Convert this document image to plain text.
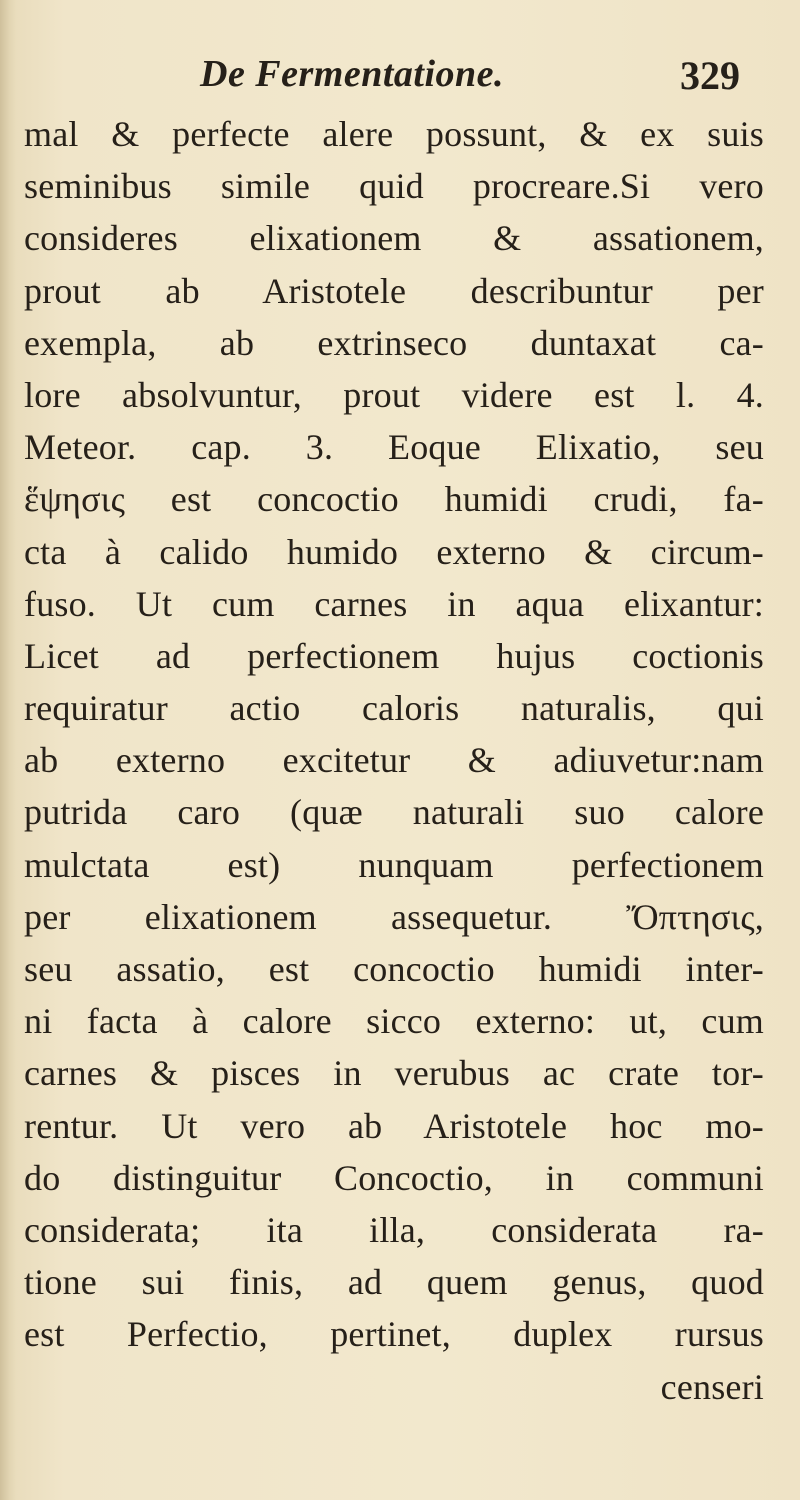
De Fermentatione.	329
mal & perfecte alere possunt, & ex suis
seminibus simile quid procreare.Si vero
consideres elixationem & assationem,
prout ab Aristotele describuntur per
exempla, ab extrinseco duntaxat ca-
lore absolvuntur, prout videre est l. 4.
Meteor. cap. 3. Eoque Elixatio, seu
ἕψησις est concoctio humidi crudi, fa-
cta à calido humido externo & circum-
fuso. Ut cum carnes in aqua elixantur:
Licet ad perfectionem hujus coctionis
requiratur actio caloris naturalis, qui
ab externo excitetur & adiuvetur:nam
putrida caro (quæ naturali suo calore
mulctata est) nunquam perfectionem
per elixationem assequetur. Ὄπτησις,
seu assatio, est concoctio humidi inter-
ni facta à calore sicco externo: ut, cum
carnes & pisces in verubus ac crate tor-
rentur. Ut vero ab Aristotele hoc mo-
do distinguitur Concoctio, in communi
considerata; ita illa, considerata ra-
tione sui finis, ad quem genus, quod
est Perfectio, pertinet, duplex rursus
censeri
